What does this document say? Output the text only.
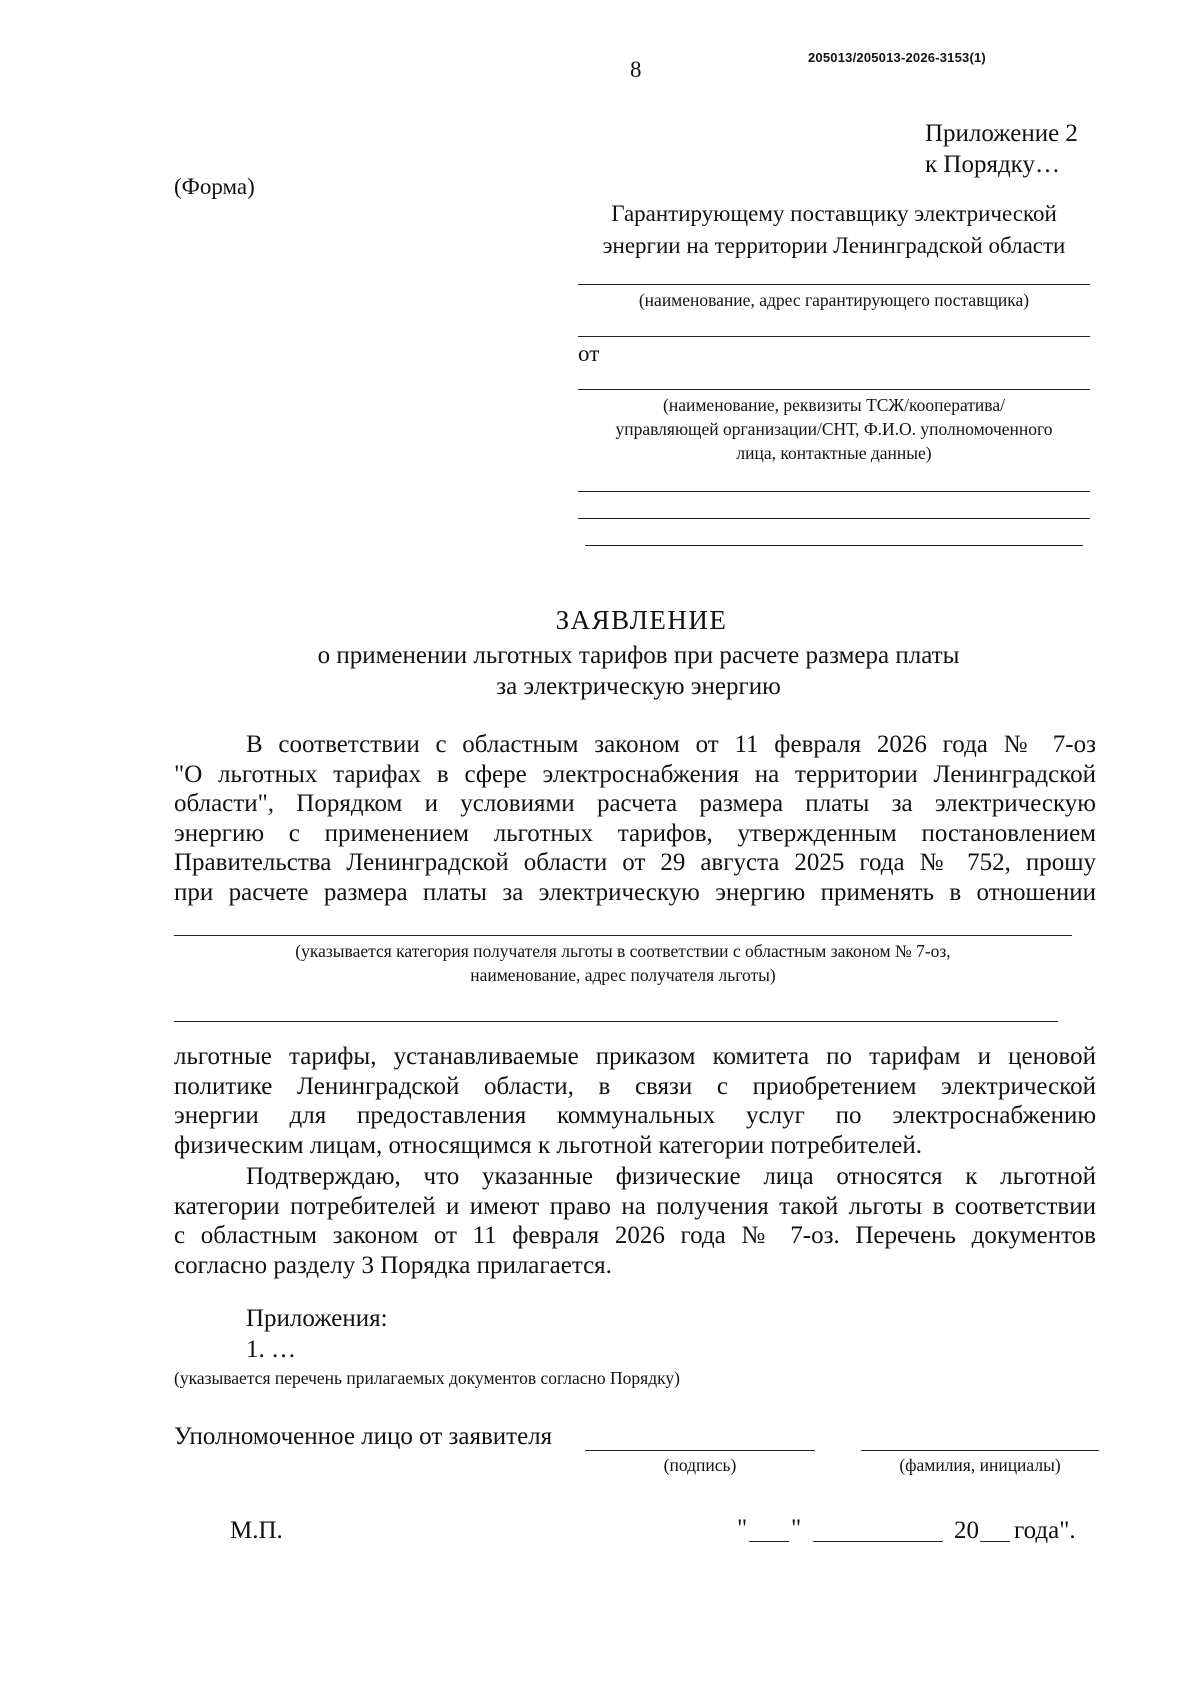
205013/205013-2026-3153(1)
8
Приложение 2
к Порядку…
(Форма)
Гарантирующему поставщику электрической
энергии на территории Ленинградской области
(наименование, адрес гарантирующего поставщика)
от
(наименование, реквизиты ТСЖ/кооператива/
управляющей организации/СНТ, Ф.И.О. уполномоченного
лица, контактные данные)
ЗАЯВЛЕНИЕ
о применении льготных тарифов при расчете размера платы
за электрическую энергию
В соответствии с областным законом от 11 февраля 2026 года № 7-оз
"О льготных тарифах в сфере электроснабжения на территории Ленинградской
области", Порядком и условиями расчета размера платы за электрическую
энергию с применением льготных тарифов, утвержденным постановлением
Правительства Ленинградской области от 29 августа 2025 года № 752, прошу
при расчете размера платы за электрическую энергию применять в отношении
(указывается категория получателя льготы в соответствии с областным законом № 7-оз,
наименование, адрес получателя льготы)
льготные тарифы, устанавливаемые приказом комитета по тарифам и ценовой
политике Ленинградской области, в связи с приобретением электрической
энергии для предоставления коммунальных услуг по электроснабжению
физическим лицам, относящимся к льготной категории потребителей.
Подтверждаю, что указанные физические лица относятся к льготной
категории потребителей и имеют право на получения такой льготы в соответствии
с областным законом от 11 февраля 2026 года № 7-оз. Перечень документов
согласно разделу 3 Порядка прилагается.
Приложения:
1. …
(указывается перечень прилагаемых документов согласно Порядку)
Уполномоченное лицо от заявителя
(подпись)	(фамилия, инициалы)
М.П.	" "	20 года".
